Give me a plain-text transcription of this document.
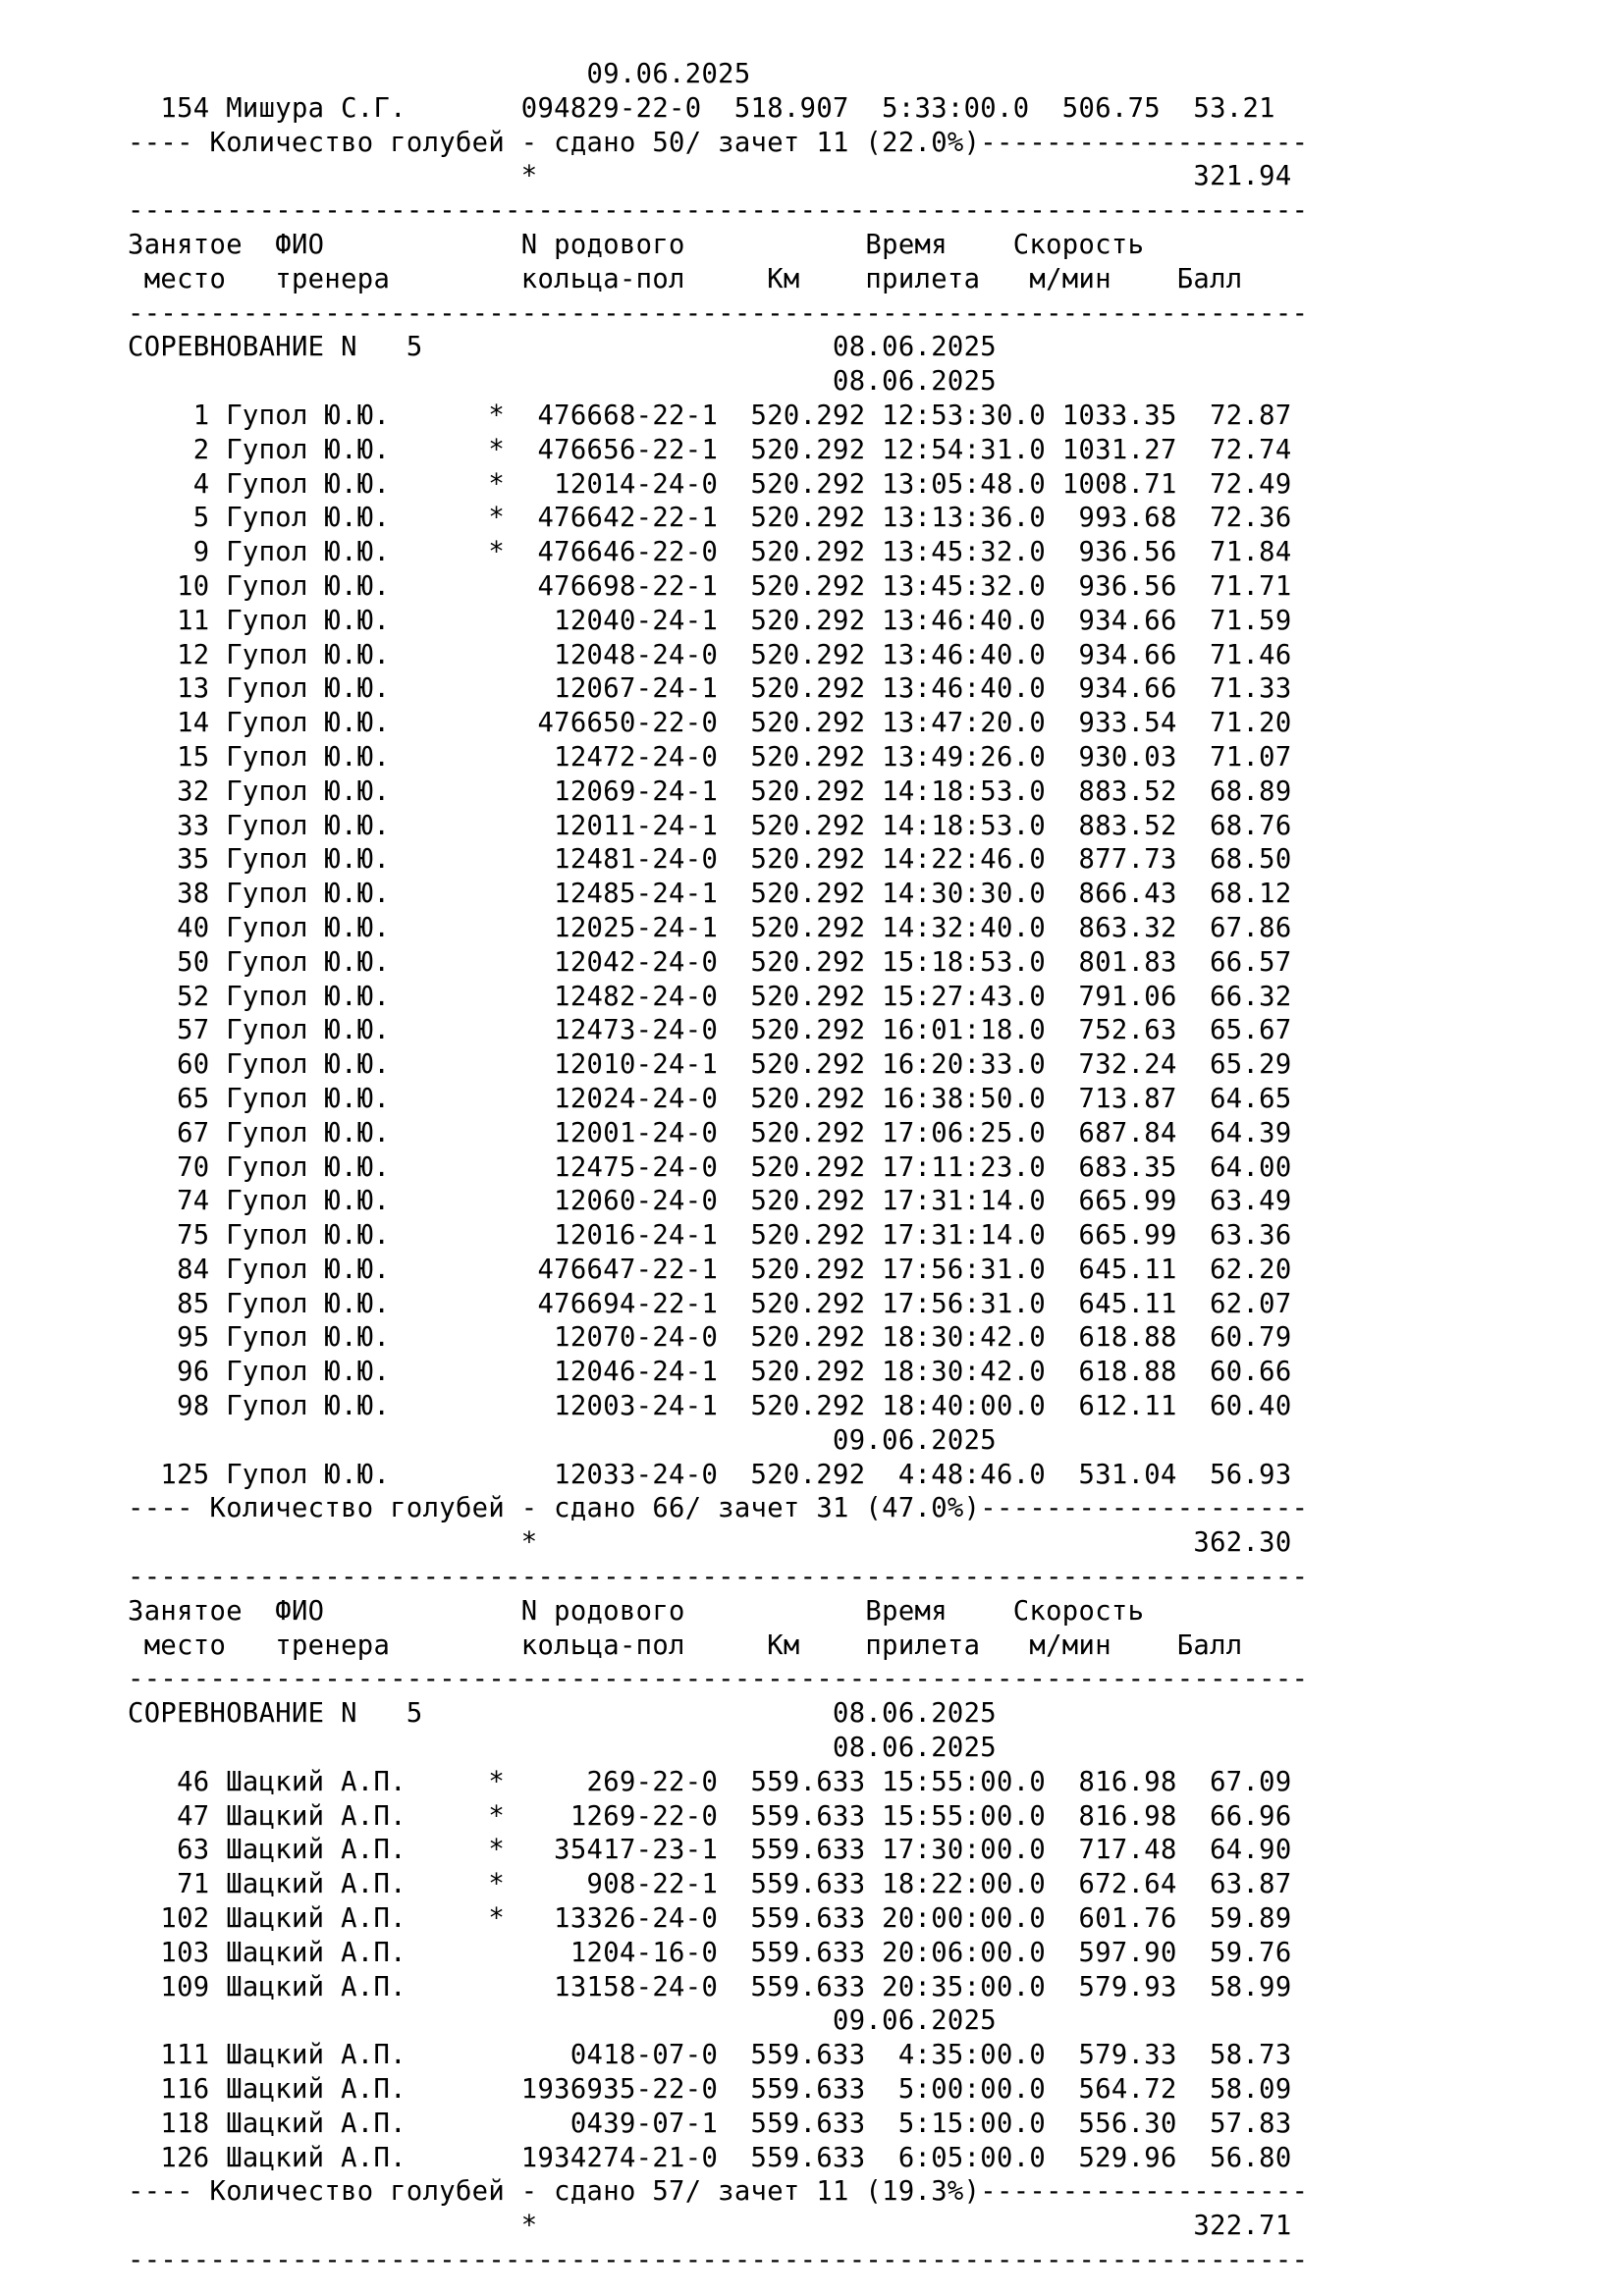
09.06.2025
154 Мишура С.Г.       094829-22-0  518.907  5:33:00.0  506.75  53.21
---- Количество голубей - сдано 50/ зачет 11 (22.0%)--------------------
*                                        321.94
------------------------------------------------------------------------
Занятое  ФИО            N родового           Время    Скорость
место   тренера        кольца-пол     Км    прилета   м/мин    Балл
------------------------------------------------------------------------
СОРЕВНОВАНИЕ N   5                         08.06.2025
08.06.2025
1 Гупол Ю.Ю.      *  476668-22-1  520.292 12:53:30.0 1033.35  72.87
2 Гупол Ю.Ю.      *  476656-22-1  520.292 12:54:31.0 1031.27  72.74
4 Гупол Ю.Ю.      *   12014-24-0  520.292 13:05:48.0 1008.71  72.49
5 Гупол Ю.Ю.      *  476642-22-1  520.292 13:13:36.0  993.68  72.36
9 Гупол Ю.Ю.      *  476646-22-0  520.292 13:45:32.0  936.56  71.84
10 Гупол Ю.Ю.         476698-22-1  520.292 13:45:32.0  936.56  71.71
11 Гупол Ю.Ю.          12040-24-1  520.292 13:46:40.0  934.66  71.59
12 Гупол Ю.Ю.          12048-24-0  520.292 13:46:40.0  934.66  71.46
13 Гупол Ю.Ю.          12067-24-1  520.292 13:46:40.0  934.66  71.33
14 Гупол Ю.Ю.         476650-22-0  520.292 13:47:20.0  933.54  71.20
15 Гупол Ю.Ю.          12472-24-0  520.292 13:49:26.0  930.03  71.07
32 Гупол Ю.Ю.          12069-24-1  520.292 14:18:53.0  883.52  68.89
33 Гупол Ю.Ю.          12011-24-1  520.292 14:18:53.0  883.52  68.76
35 Гупол Ю.Ю.          12481-24-0  520.292 14:22:46.0  877.73  68.50
38 Гупол Ю.Ю.          12485-24-1  520.292 14:30:30.0  866.43  68.12
40 Гупол Ю.Ю.          12025-24-1  520.292 14:32:40.0  863.32  67.86
50 Гупол Ю.Ю.          12042-24-0  520.292 15:18:53.0  801.83  66.57
52 Гупол Ю.Ю.          12482-24-0  520.292 15:27:43.0  791.06  66.32
57 Гупол Ю.Ю.          12473-24-0  520.292 16:01:18.0  752.63  65.67
60 Гупол Ю.Ю.          12010-24-1  520.292 16:20:33.0  732.24  65.29
65 Гупол Ю.Ю.          12024-24-0  520.292 16:38:50.0  713.87  64.65
67 Гупол Ю.Ю.          12001-24-0  520.292 17:06:25.0  687.84  64.39
70 Гупол Ю.Ю.          12475-24-0  520.292 17:11:23.0  683.35  64.00
74 Гупол Ю.Ю.          12060-24-0  520.292 17:31:14.0  665.99  63.49
75 Гупол Ю.Ю.          12016-24-1  520.292 17:31:14.0  665.99  63.36
84 Гупол Ю.Ю.         476647-22-1  520.292 17:56:31.0  645.11  62.20
85 Гупол Ю.Ю.         476694-22-1  520.292 17:56:31.0  645.11  62.07
95 Гупол Ю.Ю.          12070-24-0  520.292 18:30:42.0  618.88  60.79
96 Гупол Ю.Ю.          12046-24-1  520.292 18:30:42.0  618.88  60.66
98 Гупол Ю.Ю.          12003-24-1  520.292 18:40:00.0  612.11  60.40
09.06.2025
125 Гупол Ю.Ю.          12033-24-0  520.292  4:48:46.0  531.04  56.93
---- Количество голубей - сдано 66/ зачет 31 (47.0%)--------------------
*                                        362.30
------------------------------------------------------------------------
Занятое  ФИО            N родового           Время    Скорость
место   тренера        кольца-пол     Км    прилета   м/мин    Балл
------------------------------------------------------------------------
СОРЕВНОВАНИЕ N   5                         08.06.2025
08.06.2025
46 Шацкий А.П.     *     269-22-0  559.633 15:55:00.0  816.98  67.09
47 Шацкий А.П.     *    1269-22-0  559.633 15:55:00.0  816.98  66.96
63 Шацкий А.П.     *   35417-23-1  559.633 17:30:00.0  717.48  64.90
71 Шацкий А.П.     *     908-22-1  559.633 18:22:00.0  672.64  63.87
102 Шацкий А.П.     *   13326-24-0  559.633 20:00:00.0  601.76  59.89
103 Шацкий А.П.          1204-16-0  559.633 20:06:00.0  597.90  59.76
109 Шацкий А.П.         13158-24-0  559.633 20:35:00.0  579.93  58.99
09.06.2025
111 Шацкий А.П.          0418-07-0  559.633  4:35:00.0  579.33  58.73
116 Шацкий А.П.       1936935-22-0  559.633  5:00:00.0  564.72  58.09
118 Шацкий А.П.          0439-07-1  559.633  5:15:00.0  556.30  57.83
126 Шацкий А.П.       1934274-21-0  559.633  6:05:00.0  529.96  56.80
---- Количество голубей - сдано 57/ зачет 11 (19.3%)--------------------
*                                        322.71
------------------------------------------------------------------------
